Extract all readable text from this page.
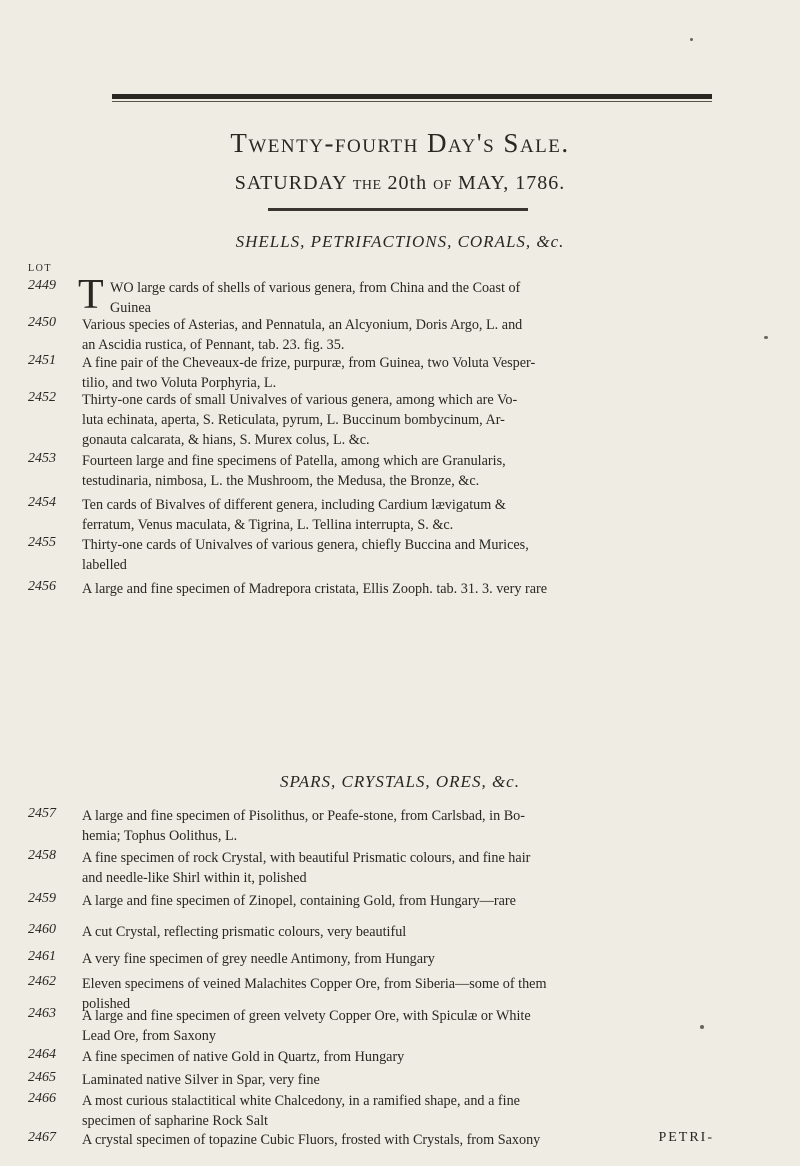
Twenty-fourth Day's Sale.
SATURDAY THE 20th OF MAY, 1786.
SHELLS, PETRIFACTIONS, CORALS, &c.
LOT
2449 T WO large cards of shells of various genera, from China and the Coast of
Guinea
2450	Various species of Asterias, and Pennatula, an Alcyonium, Doris Argo, L. and
an Ascidia rustica, of Pennant, tab. 23. fig. 35.
2451	A fine pair of the Cheveaux-de frize, purpuræ, from Guinea, two Voluta Vesper-
tilio, and two Voluta Porphyria, L.
2452	Thirty-one cards of small Univalves of various genera, among which are Vo-
luta echinata, aperta, S. Reticulata, pyrum, L. Buccinum bombycinum, Ar-
gonauta calcarata, & hians, S. Murex colus, L. &c.
2453	Fourteen large and fine specimens of Patella, among which are Granularis,
testudinaria, nimbosa, L. the Mushroom, the Medusa, the Bronze, &c.
2454	Ten cards of Bivalves of different genera, including Cardium lævigatum &
ferratum, Venus maculata, & Tigrina, L. Tellina interrupta, S. &c.
2455	Thirty-one cards of Univalves of various genera, chiefly Buccina and Murices,
labelled
2456	A large and fine specimen of Madrepora cristata, Ellis Zooph. tab. 31. 3. very rare
SPARS, CRYSTALS, ORES, &c.
2457	A large and fine specimen of Pisolithus, or Peafe-stone, from Carlsbad, in Bo-
hemia; Tophus Oolithus, L.
2458	A fine specimen of rock Crystal, with beautiful Prismatic colours, and fine hair
and needle-like Shirl within it, polished
2459	A large and fine specimen of Zinopel, containing Gold, from Hungary—rare
2460	A cut Crystal, reflecting prismatic colours, very beautiful
2461	A very fine specimen of grey needle Antimony, from Hungary
2462	Eleven specimens of veined Malachites Copper Ore, from Siberia—some of them
polished
2463	A large and fine specimen of green velvety Copper Ore, with Spiculæ or White
Lead Ore, from Saxony
2464	A fine specimen of native Gold in Quartz, from Hungary
2465	Laminated native Silver in Spar, very fine
2466	A most curious stalactitical white Chalcedony, in a ramified shape, and a fine
specimen of sapharine Rock Salt
2467	A crystal specimen of topazine Cubic Fluors, frosted with Crystals, from Saxony	PETRI-
